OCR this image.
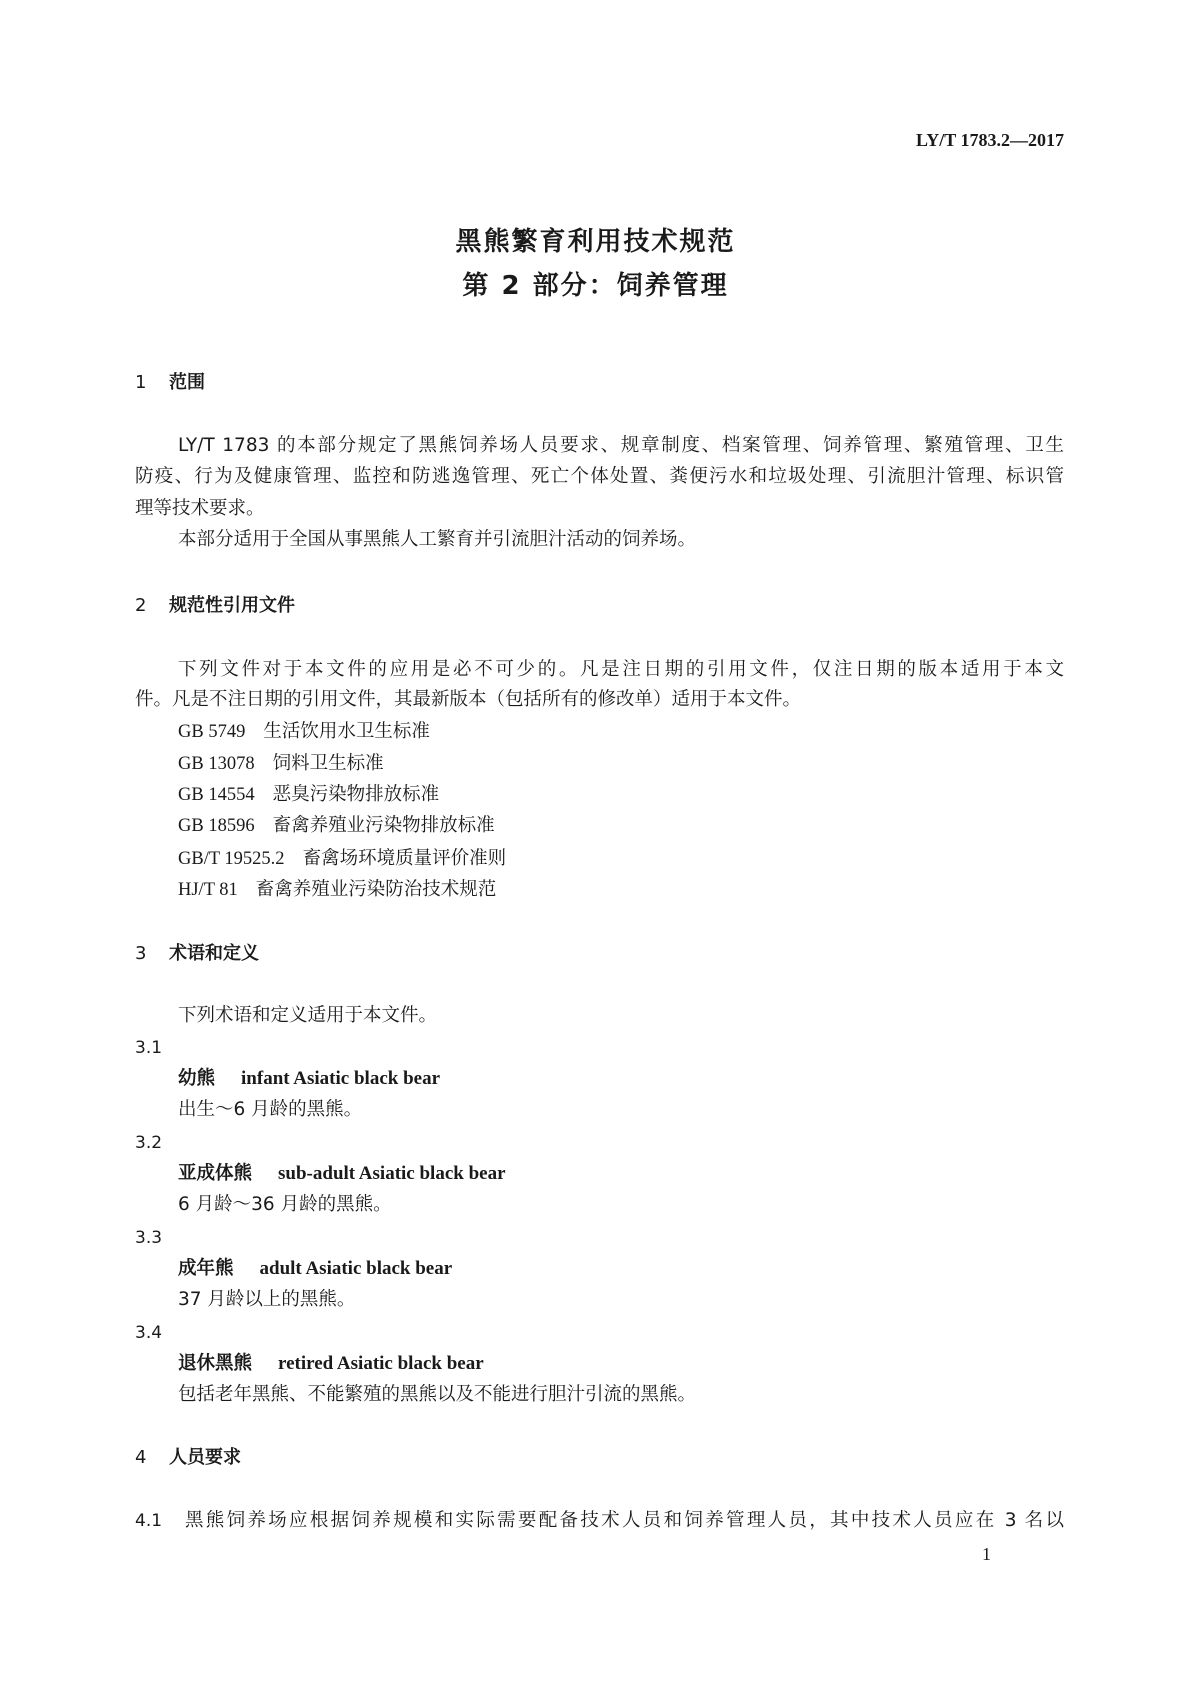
LY/T 1783.2—2017
黑熊繁育利用技术规范
第 2 部分：饲养管理
1 范围
LY/T 1783 的本部分规定了黑熊饲养场人员要求、规章制度、档案管理、饲养管理、繁殖管理、卫生
防疫、行为及健康管理、监控和防逃逸管理、死亡个体处置、粪便污水和垃圾处理、引流胆汁管理、标识管
理等技术要求。
本部分适用于全国从事黑熊人工繁育并引流胆汁活动的饲养场。
2 规范性引用文件
下列文件对于本文件的应用是必不可少的。凡是注日期的引用文件，仅注日期的版本适用于本文
件。凡是不注日期的引用文件，其最新版本（包括所有的修改单）适用于本文件。
GB 5749 生活饮用水卫生标准
GB 13078 饲料卫生标准
GB 14554 恶臭污染物排放标准
GB 18596 畜禽养殖业污染物排放标准
GB/T 19525.2 畜禽场环境质量评价准则
HJ/T 81 畜禽养殖业污染防治技术规范
3 术语和定义
下列术语和定义适用于本文件。
3.1
幼熊 infant Asiatic black bear
出生～6 月龄的黑熊。
3.2
亚成体熊 sub-adult Asiatic black bear
6 月龄～36 月龄的黑熊。
3.3
成年熊 adult Asiatic black bear
37 月龄以上的黑熊。
3.4
退休黑熊 retired Asiatic black bear
包括老年黑熊、不能繁殖的黑熊以及不能进行胆汁引流的黑熊。
4 人员要求
4.1 黑熊饲养场应根据饲养规模和实际需要配备技术人员和饲养管理人员，其中技术人员应在 3 名以
1
